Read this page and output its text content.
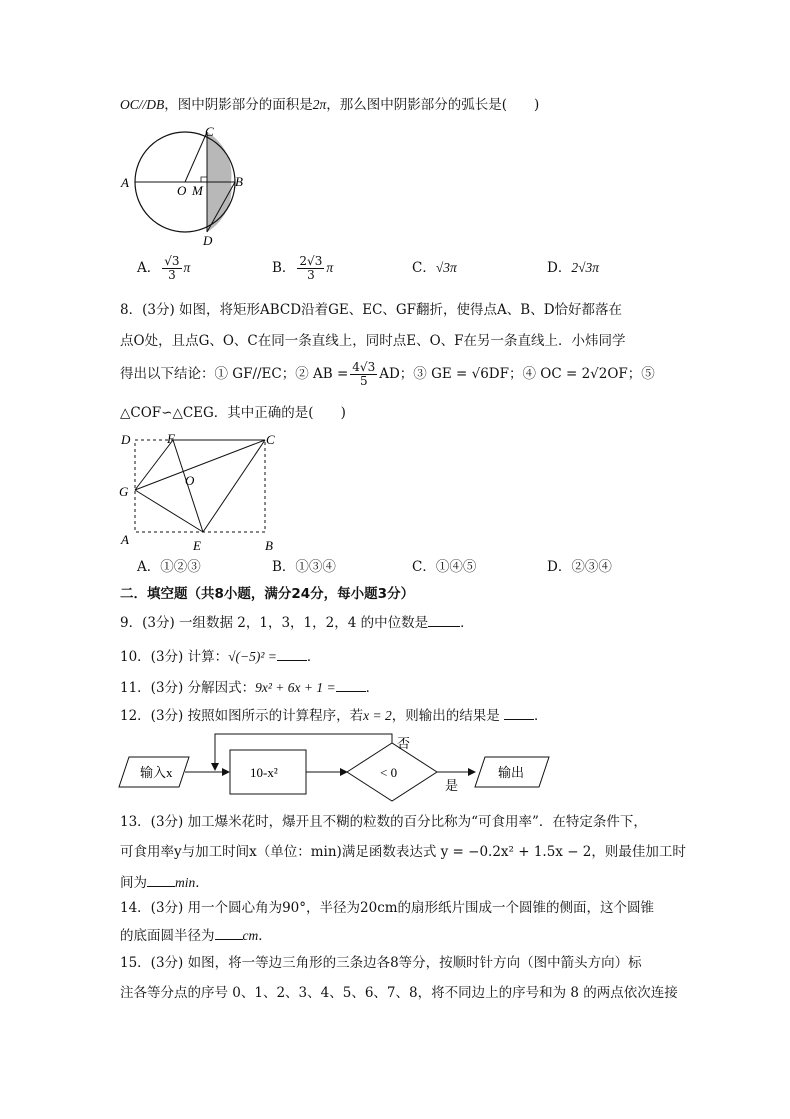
OC//DB，图中阴影部分的面积是2π，那么图中阴影部分的弧长是(　　)
A
O M
B
C
D
A． $\frac{√3}{3}$ π	B． $\frac{2√3}{3}$ π	C．√3π	D．2√3π
8．(3分) 如图，将矩形ABCD沿着GE、EC、GF翻折，使得点A、B、D恰好都落在
点O处，且点G、O、C在同一条直线上，同时点E、O、F在另一条直线上．小炜同学
得出以下结论：① GF//EC；② AB = $\frac{4√3}{5}$ AD；③ GE = √6DF；④ OC = 2√2OF；⑤
△COF∽△CEG．其中正确的是(　　)
D	F	C
G
O
A	E	B
A．①②③	B．①③④	C．①④⑤	D．②③④
二．填空题（共8小题，满分24分，每小题3分）
9．(3分) 一组数据 2，1，3，1，2，4 的中位数是 ．
10．(3分) 计算：√(−5)² = ．
11．(3分) 分解因式：9x² + 6x + 1 = ．
12．(3分) 按照如图所示的计算程序，若x = 2，则输出的结果是	．
输入x	10-x²	< 0
否
是
输出
13．(3分) 加工爆米花时，爆开且不糊的粒数的百分比称为“可食用率”．在特定条件下，
可食用率y与加工时间x（单位：min)满足函数表达式 y = −0.2x² + 1.5x − 2，则最佳加工时
间为 min．
14．(3分) 用一个圆心角为90°，半径为20cm的扇形纸片围成一个圆锥的侧面，这个圆锥
的底面圆半径为 cm．
15．(3分) 如图，将一等边三角形的三条边各8等分，按顺时针方向（图中箭头方向）标
注各等分点的序号 0、1、2、3、4、5、6、7、8，将不同边上的序号和为 8 的两点依次连接
